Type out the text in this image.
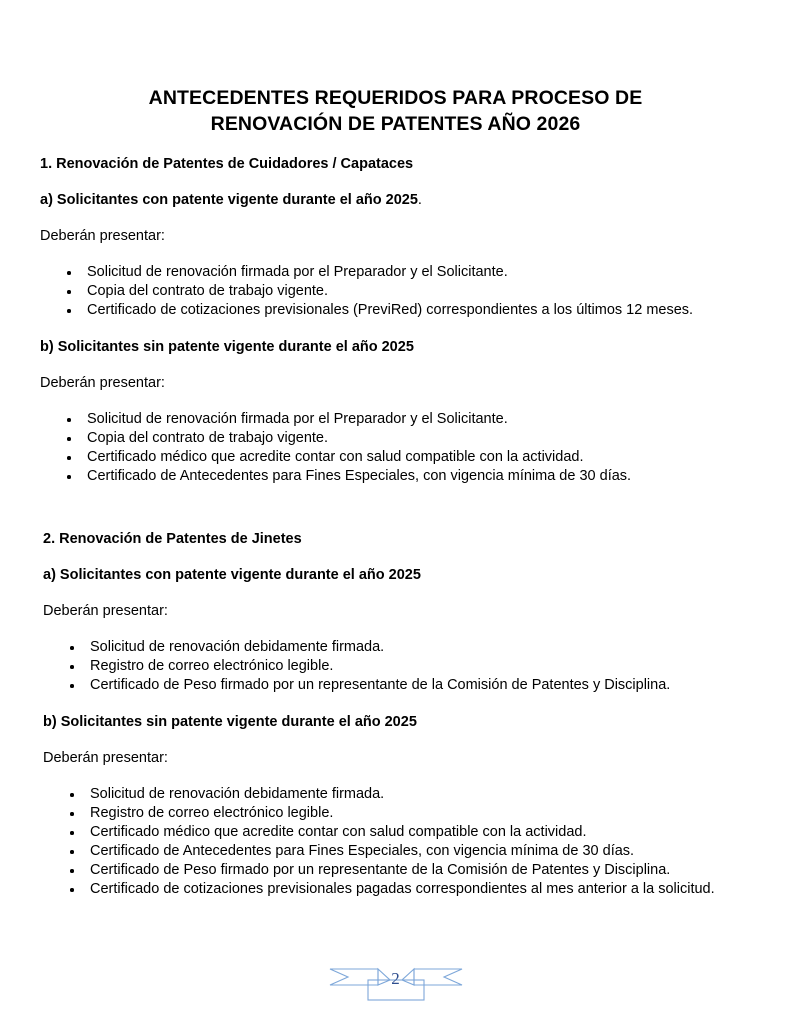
ANTECEDENTES REQUERIDOS PARA PROCESO DE
RENOVACIÓN DE PATENTES AÑO 2026
1. Renovación de Patentes de Cuidadores / Capataces
a) Solicitantes con patente vigente durante el año 2025.
Deberán presentar:
Solicitud de renovación firmada por el Preparador y el Solicitante.
Copia del contrato de trabajo vigente.
Certificado de cotizaciones previsionales (PreviRed) correspondientes a los últimos 12 meses.
b) Solicitantes sin patente vigente durante el año 2025
Deberán presentar:
Solicitud de renovación firmada por el Preparador y el Solicitante.
Copia del contrato de trabajo vigente.
Certificado médico que acredite contar con salud compatible con la actividad.
Certificado de Antecedentes para Fines Especiales, con vigencia mínima de 30 días.
2. Renovación de Patentes de Jinetes
a) Solicitantes con patente vigente durante el año 2025
Deberán presentar:
Solicitud de renovación debidamente firmada.
Registro de correo electrónico legible.
Certificado de Peso firmado por un representante de la Comisión de Patentes y Disciplina.
b) Solicitantes sin patente vigente durante el año 2025
Deberán presentar:
Solicitud de renovación debidamente firmada.
Registro de correo electrónico legible.
Certificado médico que acredite contar con salud compatible con la actividad.
Certificado de Antecedentes para Fines Especiales, con vigencia mínima de 30 días.
Certificado de Peso firmado por un representante de la Comisión de Patentes y Disciplina.
Certificado de cotizaciones previsionales pagadas correspondientes al mes anterior a la solicitud.
2
